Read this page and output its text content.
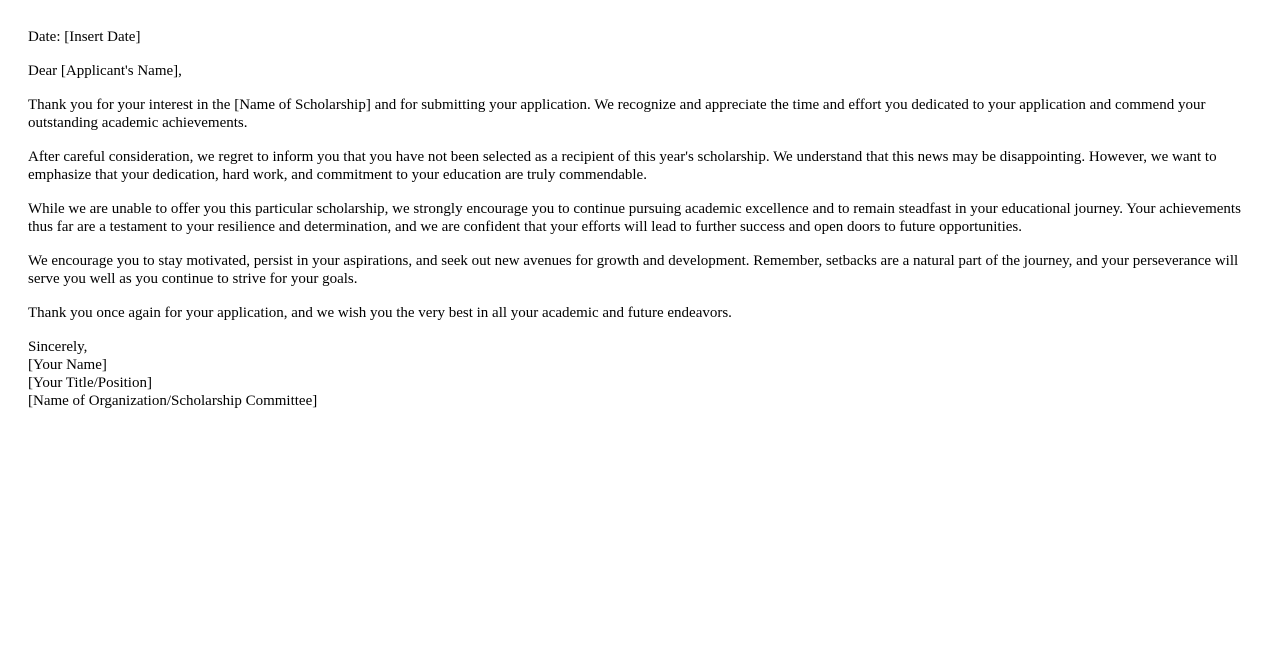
Date: [Insert Date]

Dear [Applicant's Name],

Thank you for your interest in the [Name of Scholarship] and for submitting your application. We recognize and appreciate the time and effort you dedicated to your application and commend your outstanding academic achievements.

After careful consideration, we regret to inform you that you have not been selected as a recipient of this year's scholarship. We understand that this news may be disappointing. However, we want to emphasize that your dedication, hard work, and commitment to your education are truly commendable.

While we are unable to offer you this particular scholarship, we strongly encourage you to continue pursuing academic excellence and to remain steadfast in your educational journey. Your achievements thus far are a testament to your resilience and determination, and we are confident that your efforts will lead to further success and open doors to future opportunities.

We encourage you to stay motivated, persist in your aspirations, and seek out new avenues for growth and development. Remember, setbacks are a natural part of the journey, and your perseverance will serve you well as you continue to strive for your goals.

Thank you once again for your application, and we wish you the very best in all your academic and future endeavors.

Sincerely,
[Your Name]
[Your Title/Position]
[Name of Organization/Scholarship Committee]
